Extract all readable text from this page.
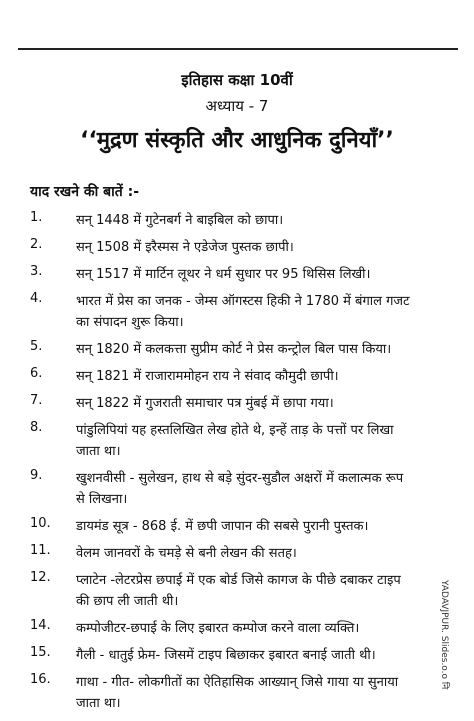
इतिहास कक्षा 10वीं
अध्याय - 7
‘‘मुद्रण संस्कृति और आधुनिक दुनियाँ’’
याद रखने की बातें :-
1.	सन् 1448 में गुटेनबर्ग ने बाइबिल को छापा।
2.	सन् 1508 में इरैस्मस ने एडेजेज पुस्तक छापी।
3.	सन् 1517 में मार्टिन लूथर ने धर्म सुधार पर 95 थिसिस लिखी।
4.	भारत में प्रेस का जनक - जेम्स ऑगस्टस हिकी ने 1780 में बंगाल गजट
का संपादन शुरू किया।
5.	सन् 1820 में कलकत्ता सुप्रीम कोर्ट ने प्रेस कन्ट्रोल बिल पास किया।
6.	सन् 1821 में राजाराममोहन राय ने संवाद कौमुदी छापी।
7.	सन् 1822 में गुजराती समाचार पत्र मुंबई में छापा गया।
8.	पांडुलिपियां यह हस्तलिखित लेख होते थे, इन्हें ताड़ के पत्तों पर लिखा
जाता था।
9.	खुशनवीसी - सुलेखन, हाथ से बड़े सुंदर-सुडौल अक्षरों में कलात्मक रूप
से लिखना।
10. डायमंड सूत्र - 868 ई. में छपी जापान की सबसे पुरानी पुस्तक।
11. वेलम जानवरों के चमड़े से बनी लेखन की सतह।
12. प्लाटेन -लेटरप्रेस छपाई में एक बोर्ड जिसे कागज के पीछे दबाकर टाइप
की छाप ली जाती थी।
14. कम्पोजीटर-छपाई के लिए इबारत कम्पोज करने वाला व्यक्ति।
15. गैली - धातुई फ्रेम- जिसमें टाइप बिछाकर इबारत बनाई जाती थी।
16. गाथा - गीत- लोकगीतों का ऐतिहासिक आख्यान् जिसे गाया या सुनाया
जाता था।
YADAVJPUR. Slides.o.o नि
